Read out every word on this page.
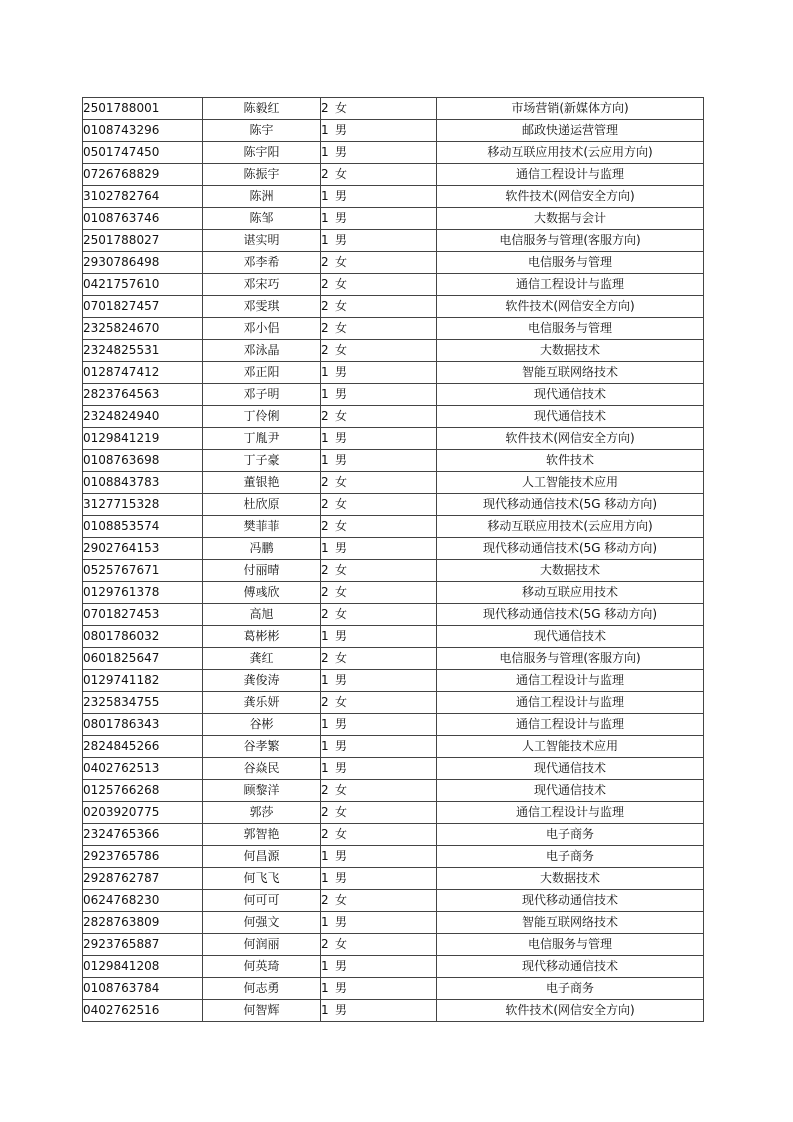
2501788001	陈毅红	2 女	市场营销(新媒体方向)
0108743296	陈宇	1 男	邮政快递运营管理
0501747450	陈宇阳	1 男	移动互联应用技术(云应用方向)
0726768829	陈振宇	2 女	通信工程设计与监理
3102782764	陈洲	1 男	软件技术(网信安全方向)
0108763746	陈邹	1 男	大数据与会计
2501788027	谌实明	1 男	电信服务与管理(客服方向)
2930786498	邓李希	2 女	电信服务与管理
0421757610	邓宋巧	2 女	通信工程设计与监理
0701827457	邓雯琪	2 女	软件技术(网信安全方向)
2325824670	邓小侣	2 女	电信服务与管理
2324825531	邓泳晶	2 女	大数据技术
0128747412	邓正阳	1 男	智能互联网络技术
2823764563	邓子明	1 男	现代通信技术
2324824940	丁伶俐	2 女	现代通信技术
0129841219	丁胤尹	1 男	软件技术(网信安全方向)
0108763698	丁子豪	1 男	软件技术
0108843783	董银艳	2 女	人工智能技术应用
3127715328	杜欣原	2 女	现代移动通信技术(5G 移动方向)
0108853574	樊菲菲	2 女	移动互联应用技术(云应用方向)
2902764153	冯鹏	1 男	现代移动通信技术(5G 移动方向)
0525767671	付丽晴	2 女	大数据技术
0129761378	傅彧欣	2 女	移动互联应用技术
0701827453	高旭	2 女	现代移动通信技术(5G 移动方向)
0801786032	葛彬彬	1 男	现代通信技术
0601825647	龚红	2 女	电信服务与管理(客服方向)
0129741182	龚俊涛	1 男	通信工程设计与监理
2325834755	龚乐妍	2 女	通信工程设计与监理
0801786343	谷彬	1 男	通信工程设计与监理
2824845266	谷孝繁	1 男	人工智能技术应用
0402762513	谷焱民	1 男	现代通信技术
0125766268	顾黎洋	2 女	现代通信技术
0203920775	郭莎	2 女	通信工程设计与监理
2324765366	郭智艳	2 女	电子商务
2923765786	何昌源	1 男	电子商务
2928762787	何飞飞	1 男	大数据技术
0624768230	何可可	2 女	现代移动通信技术
2828763809	何强文	1 男	智能互联网络技术
2923765887	何润丽	2 女	电信服务与管理
0129841208	何英琦	1 男	现代移动通信技术
0108763784	何志勇	1 男	电子商务
0402762516	何智辉	1 男	软件技术(网信安全方向)
